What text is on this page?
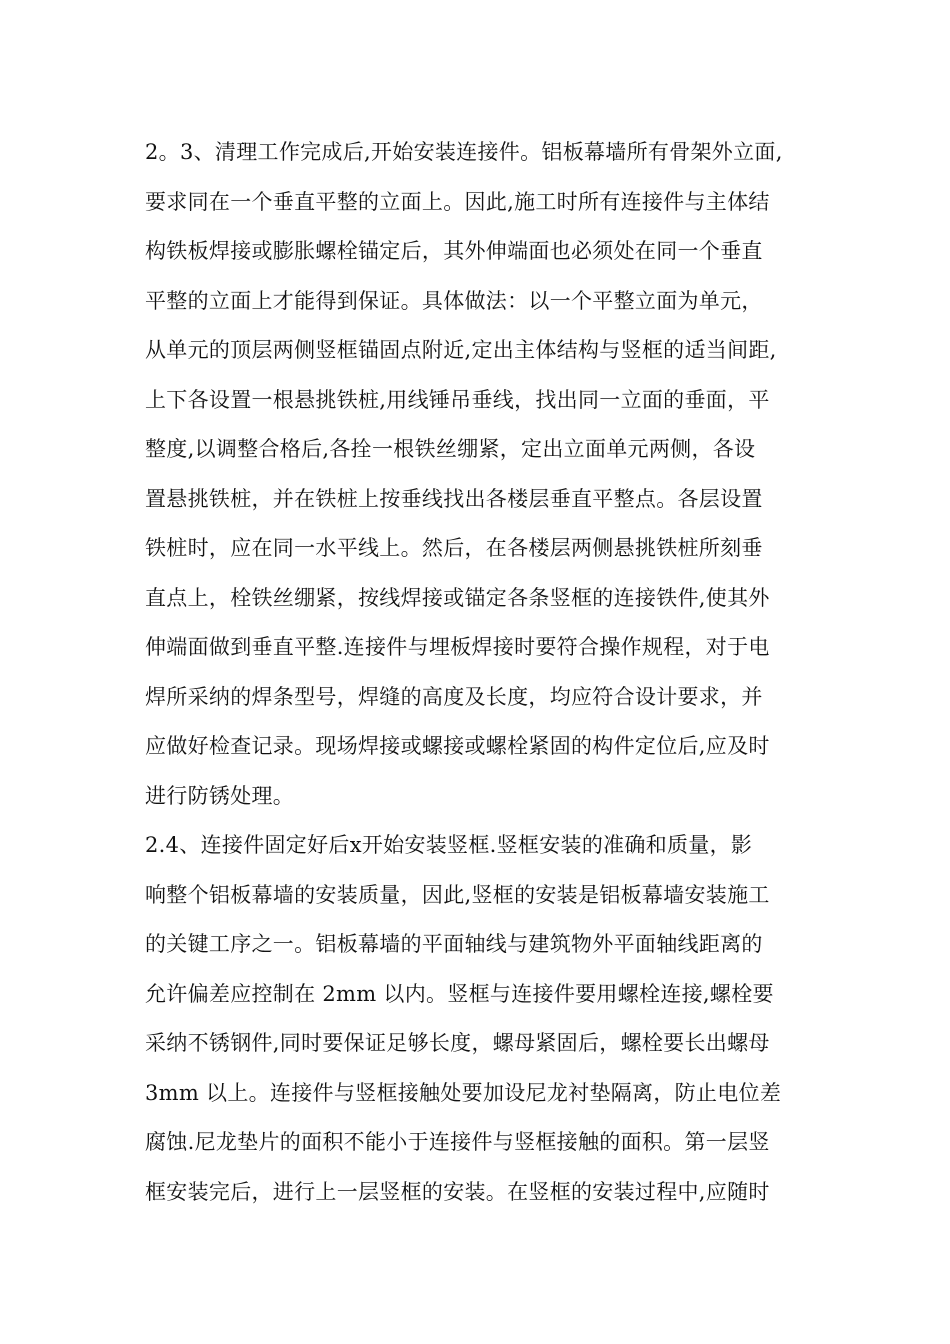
2。3、清理工作完成后,开始安装连接件。铝板幕墙所有骨架外立面,
要求同在一个垂直平整的立面上。因此,施工时所有连接件与主体结
构铁板焊接或膨胀螺栓锚定后，其外伸端面也必须处在同一个垂直
平整的立面上才能得到保证。具体做法：以一个平整立面为单元，
从单元的顶层两侧竖框锚固点附近,定出主体结构与竖框的适当间距,
上下各设置一根悬挑铁桩,用线锤吊垂线，找出同一立面的垂面，平
整度,以调整合格后,各拴一根铁丝绷紧，定出立面单元两侧，各设
置悬挑铁桩，并在铁桩上按垂线找出各楼层垂直平整点。各层设置
铁桩时，应在同一水平线上。然后，在各楼层两侧悬挑铁桩所刻垂
直点上，栓铁丝绷紧，按线焊接或锚定各条竖框的连接铁件,使其外
伸端面做到垂直平整.连接件与埋板焊接时要符合操作规程，对于电
焊所采纳的焊条型号，焊缝的高度及长度，均应符合设计要求，并
应做好检查记录。现场焊接或螺接或螺栓紧固的构件定位后,应及时
进行防锈处理。
2.4、连接件固定好后x开始安装竖框.竖框安装的准确和质量，影
响整个铝板幕墙的安装质量，因此,竖框的安装是铝板幕墙安装施工
的关键工序之一。铝板幕墙的平面轴线与建筑物外平面轴线距离的
允许偏差应控制在 2mm 以内。竖框与连接件要用螺栓连接,螺栓要
采纳不锈钢件,同时要保证足够长度，螺母紧固后，螺栓要长出螺母
3mm 以上。连接件与竖框接触处要加设尼龙衬垫隔离，防止电位差
腐蚀.尼龙垫片的面积不能小于连接件与竖框接触的面积。第一层竖
框安装完后，进行上一层竖框的安装。在竖框的安装过程中,应随时
